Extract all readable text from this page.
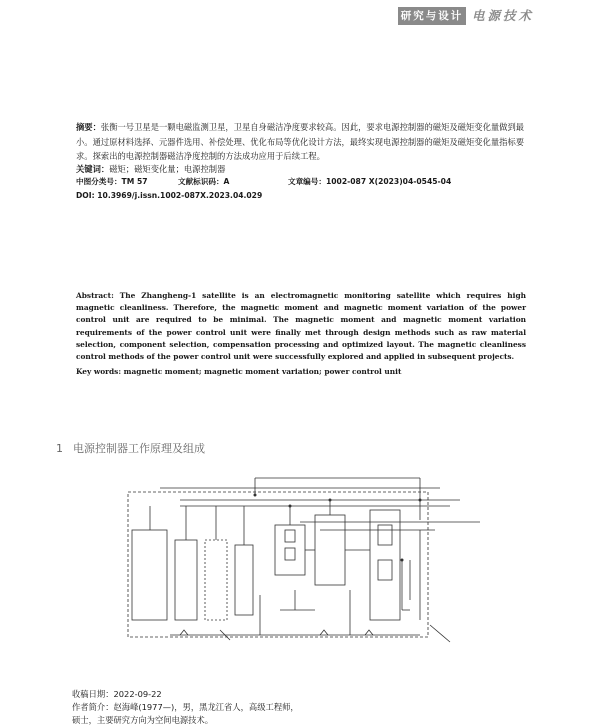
研究与设计 电源技术

摘要：张衡一号卫星是一颗电磁监测卫星，卫星自身磁洁净度要求较高。因此，要求电源控制器的磁矩及磁矩变化量做到最小。通过原材料选择、元器件选用、补偿处理、优化布局等优化设计方法，最终实现电源控制器的磁矩及磁矩变化量指标要求。探索出的电源控制器磁洁净度控制的方法成功应用于后续工程。

关键词：磁矩；磁矩变化量；电源控制器
中图分类号：TM 57	文献标识码：A	文章编号：1002-087 X(2023)04-0545-04
DOI: 10.3969/j.issn.1002-087X.2023.04.029

Abstract: The Zhangheng-1 satellite is an electromagnetic monitoring satellite which requires high magnetic cleanliness. Therefore, the magnetic moment and magnetic moment variation of the power control unit are required to be minimal. The magnetic moment and magnetic moment variation requirements of the power control unit were finally met through design methods such as raw material selection, component selection, compensation processing and optimized layout. The magnetic cleanliness control methods of the power control unit were successfully explored and applied in subsequent projects.

Key words: magnetic moment; magnetic moment variation; power control unit
1 电源控制器工作原理及组成
收稿日期：2022-09-22
作者简介：赵海峰(1977—)，男，黑龙江省人，高级工程师，
硕士，主要研究方向为空间电源技术。
